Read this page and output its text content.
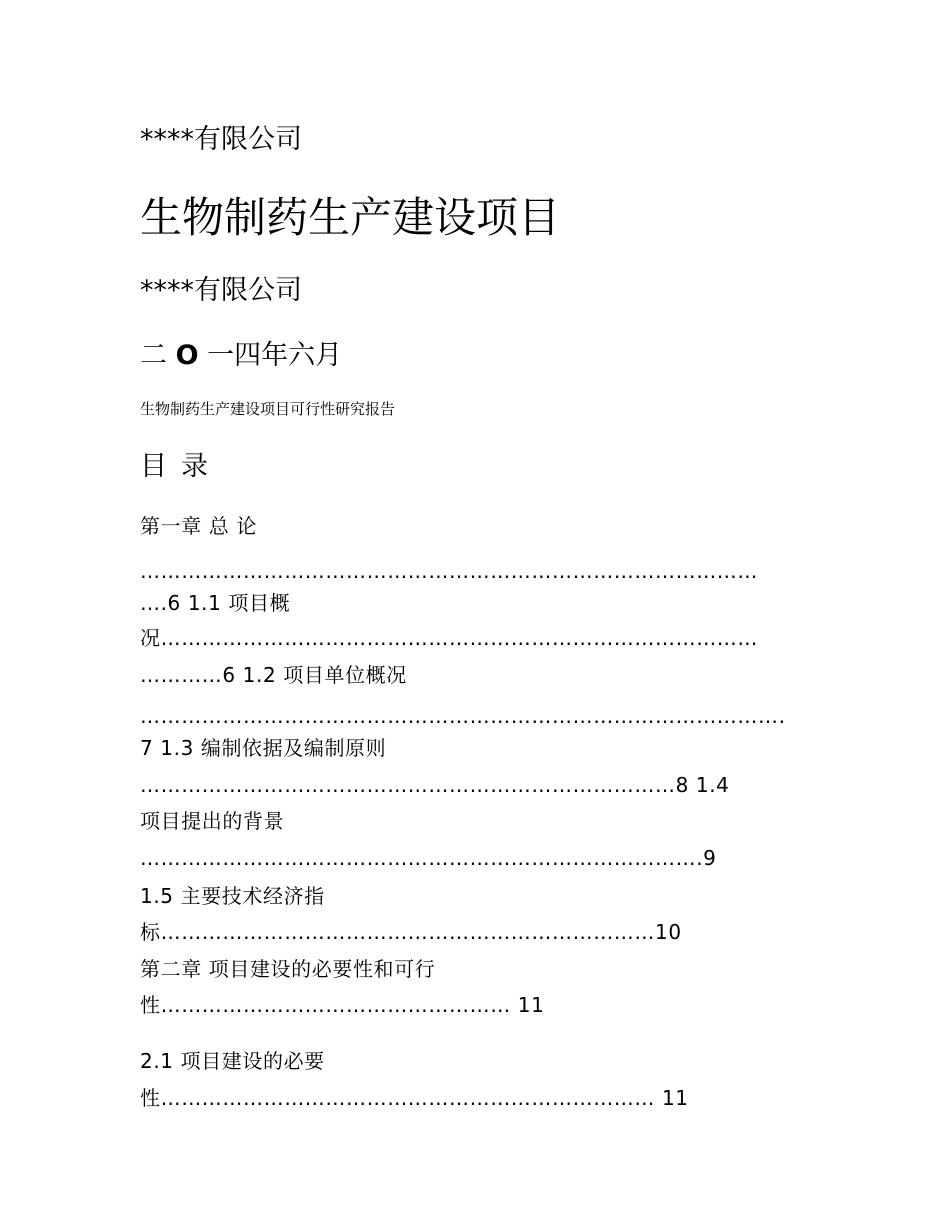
****有限公司
生物制药生产建设项目
****有限公司
二 O 一四年六月
生物制药生产建设项目可行性研究报告
目 录
第一章 总 论
………………………………………………………………………………
….6 1.1 项目概
况……………………………………………………………………………
…………6 1.2 项目单位概况
………………………………………………………………………………….
7 1.3 编制依据及编制原则
……………………………………………………………………8 1.4
项目提出的背景
……………………………………………………………………….9
1.5 主要技术经济指
标………………………………………………………………10
第二章 项目建设的必要性和可行
性…………………………………………… 11
2.1 项目建设的必要
性……………………………………………………………… 11
